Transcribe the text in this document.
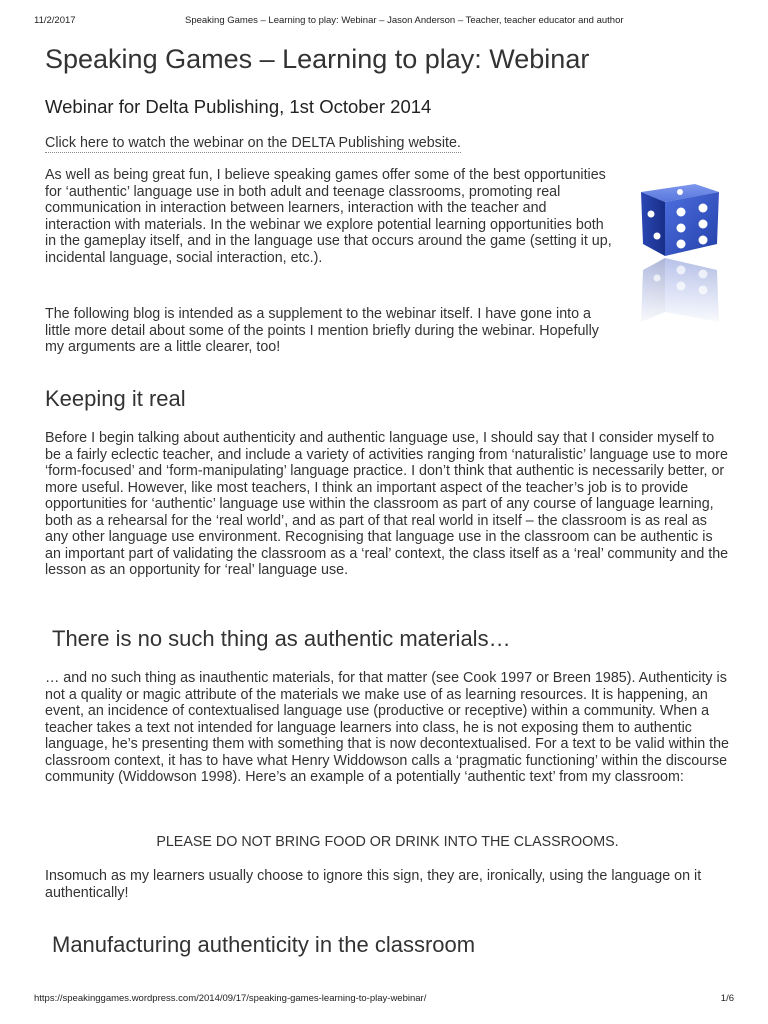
11/2/2017	Speaking Games – Learning to play: Webinar – Jason Anderson – Teacher, teacher educator and author
Speaking Games – Learning to play: Webinar
Webinar for Delta Publishing, 1st October 2014
Click here to watch the webinar on the DELTA Publishing website.

As well as being great fun, I believe speaking games offer some of the best opportunities for ‘authentic’ language use in both adult and teenage classrooms, promoting real communication in interaction between learners, interaction with the teacher and interaction with materials. In the webinar we explore potential learning opportunities both in the gameplay itself, and in the language use that occurs around the game (setting it up, incidental language, social interaction, etc.).

The following blog is intended as a supplement to the webinar itself. I have gone into a little more detail about some of the points I mention briefly during the webinar. Hopefully my arguments are a little clearer, too!

Keeping it real

Before I begin talking about authenticity and authentic language use, I should say that I consider myself to be a fairly eclectic teacher, and include a variety of activities ranging from ‘naturalistic’ language use to more ‘form-focused’ and ‘form-manipulating’ language practice. I don’t think that authentic is necessarily better, or more useful. However, like most teachers, I think an important aspect of the teacher’s job is to provide opportunities for ‘authentic’ language use within the classroom as part of any course of language learning, both as a rehearsal for the ‘real world’, and as part of that real world in itself – the classroom is as real as any other language use environment. Recognising that language use in the classroom can be authentic is an important part of validating the classroom as a ‘real’ context, the class itself as a ‘real’ community and the lesson as an opportunity for ‘real’ language use.

There is no such thing as authentic materials…

… and no such thing as inauthentic materials, for that matter (see Cook 1997 or Breen 1985). Authenticity is not a quality or magic attribute of the materials we make use of as learning resources. It is happening, an event, an incidence of contextualised language use (productive or receptive) within a community. When a teacher takes a text not intended for language learners into class, he is not exposing them to authentic language, he’s presenting them with something that is now decontextualised. For a text to be valid within the classroom context, it has to have what Henry Widdowson calls a ‘pragmatic functioning’ within the discourse community (Widdowson 1998). Here’s an example of a potentially ‘authentic text’ from my classroom:

PLEASE DO NOT BRING FOOD OR DRINK INTO THE CLASSROOMS.

Insomuch as my learners usually choose to ignore this sign, they are, ironically, using the language on it authentically!

Manufacturing authenticity in the classroom
https://speakinggames.wordpress.com/2014/09/17/speaking-games-learning-to-play-webinar/	1/6
